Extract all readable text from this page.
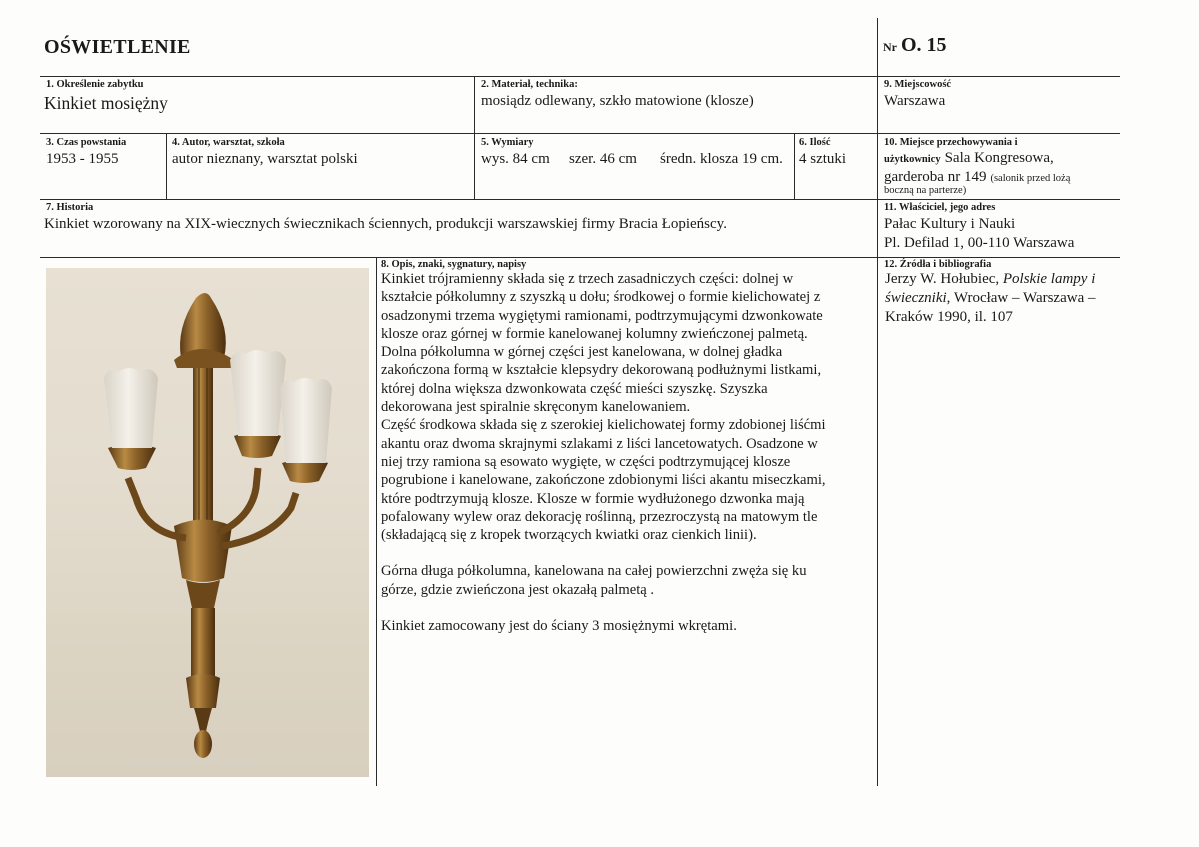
OŚWIETLENIE	Nr O. 15
1. Określenie zabytku
Kinkiet mosiężny
2. Materiał, technika:
mosiądz odlewany, szkło matowione (klosze)
9. Miejscowość
Warszawa
3. Czas powstania
1953 - 1955
4. Autor, warsztat, szkoła
autor nieznany, warsztat polski
5. Wymiary
wys. 84 cm szer. 46 cm średn. klosza 19 cm.
6. Ilość
4 sztuki
10. Miejsce przechowywania i
użytkownicy Sala Kongresowa,
garderoba nr 149 (salonik przed lożą
boczną na parterze)
7. Historia
Kinkiet wzorowany na XIX-wiecznych świecznikach ściennych, produkcji warszawskiej firmy Bracia Łopieńscy.
11. Właściciel, jego adres
Pałac Kultury i Nauki
Pl. Defilad 1, 00-110 Warszawa
8. Opis, znaki, sygnatury, napisy

Kinkiet trójramienny składa się z trzech zasadniczych części: dolnej w

kształcie półkolumny z szyszką u dołu; środkowej o formie kielichowatej z

osadzonymi trzema wygiętymi ramionami, podtrzymującymi dzwonkowate

klosze oraz górnej w formie kanelowanej kolumny zwieńczonej palmetą.

Dolna półkolumna w górnej części jest kanelowana, w dolnej gładka

zakończona formą w kształcie klepsydry dekorowaną podłużnymi listkami,

której dolna większa dzwonkowata część mieści szyszkę. Szyszka

dekorowana jest spiralnie skręconym kanelowaniem.

Część środkowa składa się z szerokiej kielichowatej formy zdobionej liśćmi

akantu oraz dwoma skrajnymi szlakami z liści lancetowatych. Osadzone w

niej trzy ramiona są esowato wygięte, w części podtrzymującej klosze

pogrubione i kanelowane, zakończone zdobionymi liści akantu miseczkami,

które podtrzymują klosze. Klosze w formie wydłużonego dzwonka mają

pofalowany wylew oraz dekorację roślinną, przezroczystą na matowym tle

(składającą się z kropek tworzących kwiatki oraz cienkich linii).

Górna długa półkolumna, kanelowana na całej powierzchni zwęża się ku

górze, gdzie zwieńczona jest okazałą palmetą .

Kinkiet zamocowany jest do ściany 3 mosiężnymi wkrętami.

12. Źródła i bibliografia
Jerzy W. Hołubiec, Polskie lampy i
świeczniki, Wrocław – Warszawa –
Kraków 1990, il. 107
